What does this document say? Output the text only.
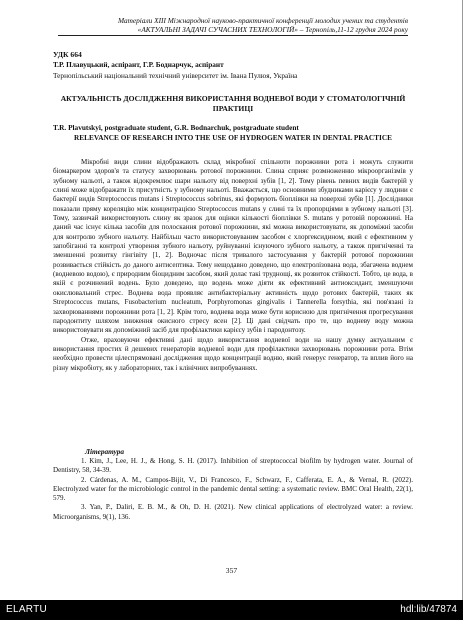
Матеріали XIII Міжнародної науково-практичної конференції молодих учених та студентів
«АКТУАЛЬНІ ЗАДАЧІ СУЧАСНИХ ТЕХНОЛОГІЙ» – Тернопіль,11-12 грудня 2024 року
УДК 664
Т.Р. Плавуцький, аспірант, Г.Р. Боднарчук, аспірант
Тернопільський національний технічний університет ім. Івана Пулюя, Україна
АКТУАЛЬНІСТЬ ДОСЛІДЖЕННЯ ВИКОРИСТАННЯ ВОДНЕВОЇ ВОДИ У СТОМАТОЛОГІЧНІЙ ПРАКТИЦІ
T.R. Plavutskyi, postgraduate student, G.R. Bodnarchuk, postgraduate student
RELEVANCE OF RESEARCH INTO THE USE OF HYDROGEN WATER IN DENTAL PRACTICE

Мікробні види слини відображають склад мікробної спільноти порожнини рота і можуть служити біомаркером здоров'я та статусу захворювань ротової порожнини. Слина сприяє розмноженню мікроорганізмів у зубному нальоті, а також відокремлює шари нальоту від поверхні зубів [1, 2]. Тому рівень певних видів бактерій у слині може відображати їх присутність у зубному нальоті. Вважається, що основними збудниками карієсу у людини є бактерії видів Streptococcus mutans і Streptococcus sobrinus, які формують біоплівки на поверхні зубів [1]. Дослідники показали пряму кореляцію між концентрацією Streptococcus mutans у слині та їх пропорціями в зубному нальоті [3]. Тому, зазвичай використовують слину як зразок для оцінки кількості біоплівки S. mutans у ротовій порожнині. На даний час існує кілька засобів для полоскання ротової порожнини, які можна використовувати, як допоміжні засоби для контролю зубного нальоту. Найбільш часто використовуваним засобом є хлоргексидином, який є ефективним у запобіганні та контролі утворення зубного нальоту, руйнуванні існуючого зубного нальоту, а також пригніченні та зменшенні розвитку гінгівіту [1, 2]. Водночас після тривалого застосування у бактерій ротової порожнини розвивається стійкість до даного антисептика. Тому нещодавно доведено, що електролізована вода, збагачена воднем (водневою водою), є природним біоцидним засобом, який долає такі труднощі, як розвиток стійкості. Тобто, це вода, в якій є розчинений водень. Було доведено, що водень може діяти як ефективний антиоксидант, зменшуючи окислювальний стрес. Воднева вода проявляє антибактеріальну активність щодо ротових бактерій, таких як Streptococcus mutans, Fusobacterium nucleatum, Porphyromonas gingivalis і Tannerella forsythia, які пов'язані із захворюваннями порожнини рота [1, 2]. Крім того, воднева вода може бути корисною для пригнічення прогресування пародонтиту шляхом зниження окисного стресу ясен [2]. Ці дані свідчать про те, що водневу воду можна використовувати як допоміжний засіб для профілактики карієсу зубів і пародонтозу.

Отже, враховуючи ефективні дані щодо використання водневої води на нашу думку актуальним є використання простих й дешевих генераторів водневої води для профілактики захворювань порожнини рота. Втім необхідно провести цілеспрямовані дослідження щодо концентрації водню, який генерує генератор, та вплив його на різну мікробіоту, як у лабораторних, так і клінічних випробуваннях.

Література

1. Kim, J., Lee, H. J., & Hong, S. H. (2017). Inhibition of streptococcal biofilm by hydrogen water. Journal of Dentistry, 58, 34-39.

2. Cárdenas, A. M., Campos-Bijit, V., Di Francesco, F., Schwarz, F., Cafferata, E. A., & Vernal, R. (2022). Electrolyzed water for the microbiologic control in the pandemic dental setting: a systematic review. BMC Oral Health, 22(1), 579.

3. Yan, P., Daliri, E. B. M., & Oh, D. H. (2021). New clinical applications of electrolyzed water: a review. Microorganisms, 9(1), 136.

357
ELARTU	hdl:lib/47874
